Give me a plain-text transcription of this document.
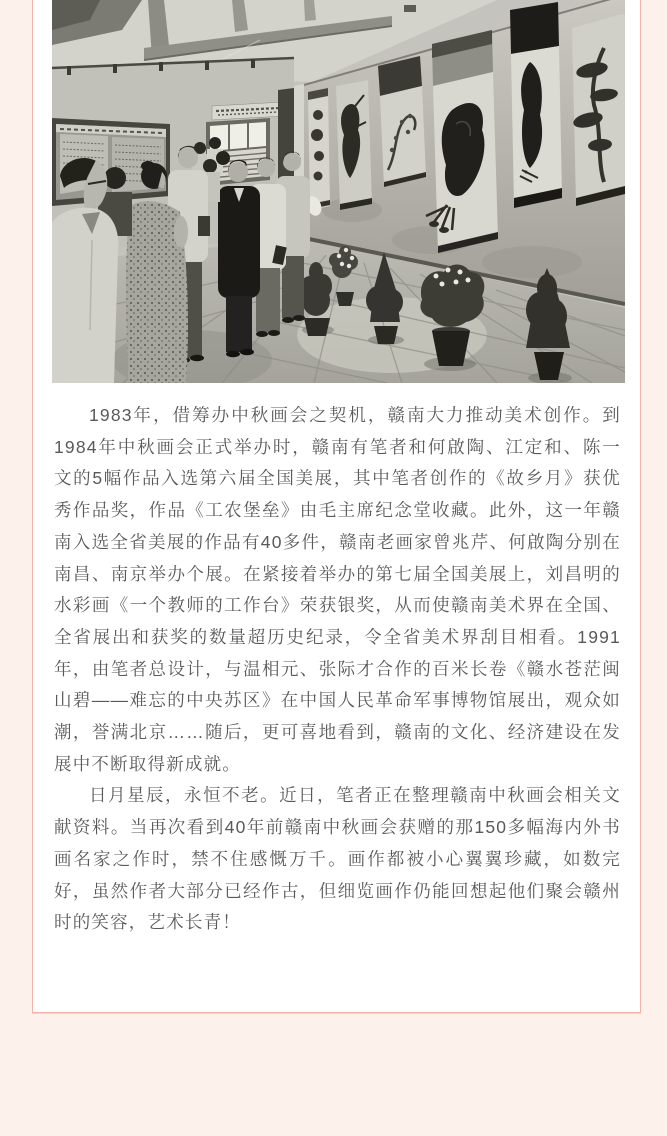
1983年，借筹办中秋画会之契机，赣南大力推动美术创作。到1984年中秋画会正式举办时，赣南有笔者和何啟陶、江定和、陈一文的5幅作品入选第六届全国美展，其中笔者创作的《故乡月》获优秀作品奖，作品《工农堡垒》由毛主席纪念堂收藏。此外，这一年赣南入选全省美展的作品有40多件，赣南老画家曾兆芹、何啟陶分别在南昌、南京举办个展。在紧接着举办的第七届全国美展上，刘昌明的水彩画《一个教师的工作台》荣获银奖，从而使赣南美术界在全国、全省展出和获奖的数量超历史纪录，令全省美术界刮目相看。1991年，由笔者总设计，与温相元、张际才合作的百米长卷《赣水苍茫闽山碧——难忘的中央苏区》在中国人民革命军事博物馆展出，观众如潮，誉满北京……随后，更可喜地看到，赣南的文化、经济建设在发展中不断取得新成就。

日月星辰，永恒不老。近日，笔者正在整理赣南中秋画会相关文献资料。当再次看到40年前赣南中秋画会获赠的那150多幅海内外书画名家之作时，禁不住感慨万千。画作都被小心翼翼珍藏，如数完好，虽然作者大部分已经作古，但细览画作仍能回想起他们聚会赣州时的笑容，艺术长青！
